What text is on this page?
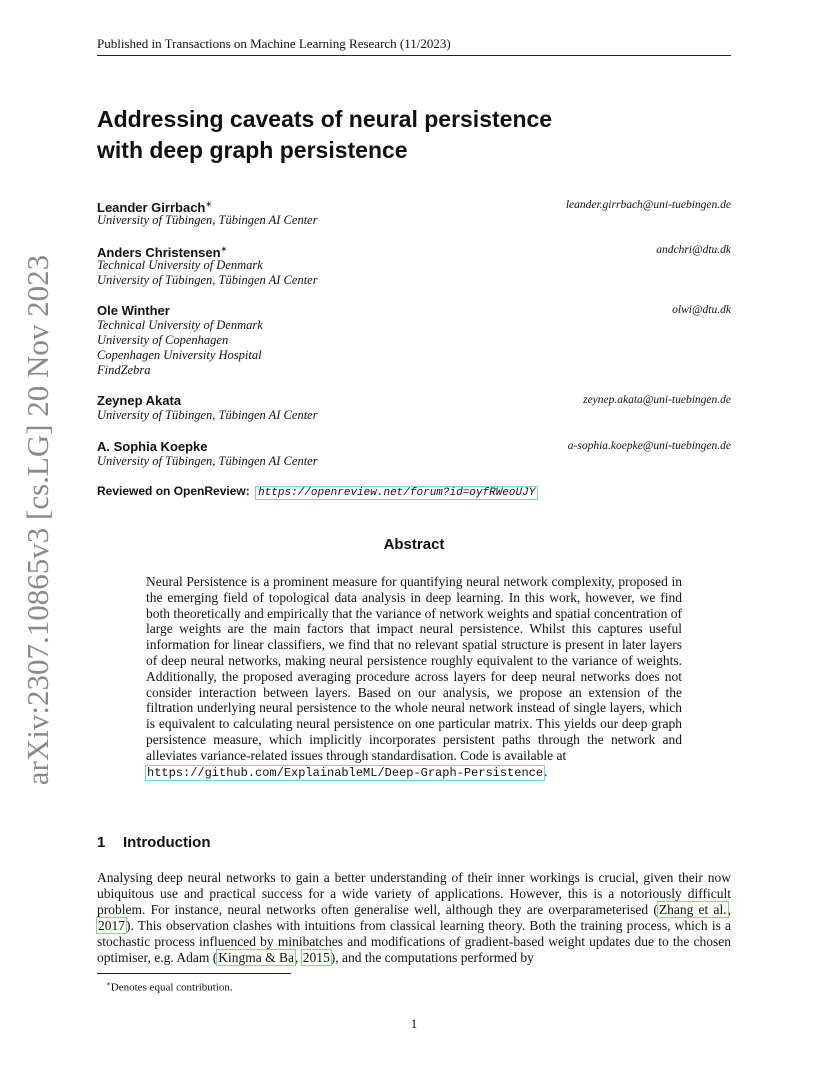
Published in Transactions on Machine Learning Research (11/2023)
arXiv:2307.10865v3 [cs.LG] 20 Nov 2023
Addressing caveats of neural persistence
with deep graph persistence
Leander Girrbach∗	leander.girrbach@uni-tuebingen.de

University of Tübingen, Tübingen AI Center

Anders Christensen∗	andchri@dtu.dk

Technical University of Denmark

University of Tübingen, Tübingen AI Center

Ole Winther	olwi@dtu.dk

Technical University of Denmark

University of Copenhagen

Copenhagen University Hospital

FindZebra

Zeynep Akata	zeynep.akata@uni-tuebingen.de

University of Tübingen, Tübingen AI Center

A. Sophia Koepke	a-sophia.koepke@uni-tuebingen.de

University of Tübingen, Tübingen AI Center

Reviewed on OpenReview: https://openreview.net/forum?id=oyfRWeoUJY
Abstract

Neural Persistence is a prominent measure for quantifying neural network complexity, proposed in the emerging field of topological data analysis in deep learning. In this work, however, we find both theoretically and empirically that the variance of network weights and spatial concentration of large weights are the main factors that impact neural persistence. Whilst this captures useful information for linear classifiers, we find that no relevant spatial structure is present in later layers of deep neural networks, making neural persistence roughly equivalent to the variance of weights. Additionally, the proposed averaging procedure across layers for deep neural networks does not consider interaction between layers. Based on our analysis, we propose an extension of the filtration underlying neural persistence to the whole neural network instead of single layers, which is equivalent to calculating neural persistence on one particular matrix. This yields our deep graph persistence measure, which implicitly incorporates persistent paths through the network and alleviates variance-related issues through standardisation. Code is available at
https://github.com/ExplainableML/Deep-Graph-Persistence.

1 Introduction

Analysing deep neural networks to gain a better understanding of their inner workings is crucial, given their now ubiquitous use and practical success for a wide variety of applications. However, this is a notoriously difficult problem. For instance, neural networks often generalise well, although they are overparameterised (Zhang et al., 2017). This observation clashes with intuitions from classical learning theory. Both the training process, which is a stochastic process influenced by minibatches and modifications of gradient-based weight updates due to the chosen optimiser, e.g. Adam (Kingma & Ba, 2015), and the computations performed by

∗Denotes equal contribution.
1
